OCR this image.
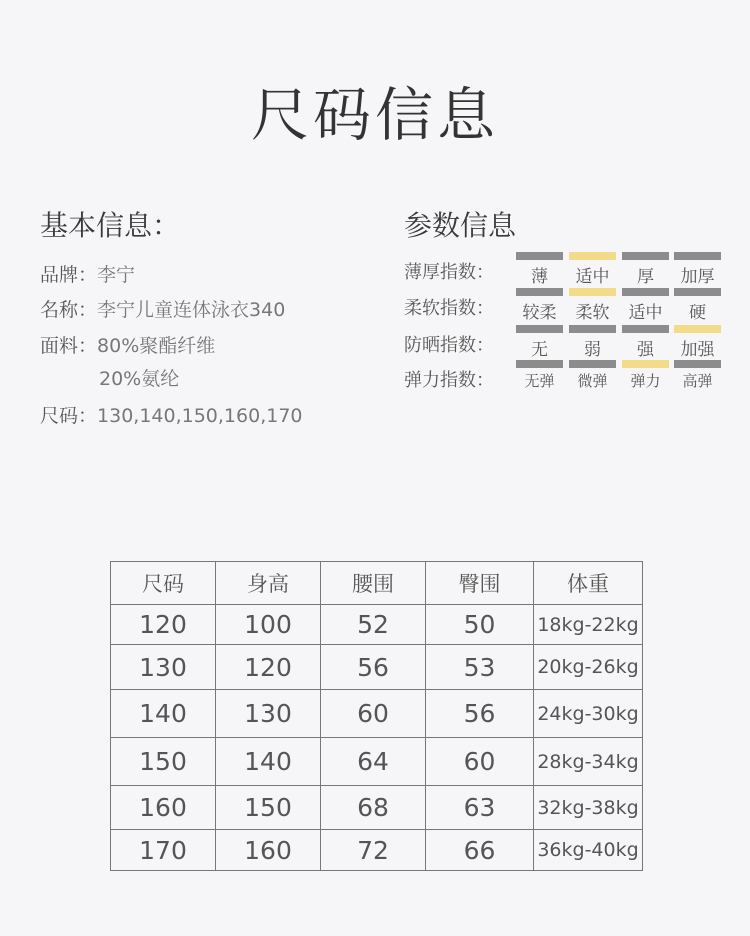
尺码信息
基本信息：	参数信息
品牌：李宁
名称：李宁儿童连体泳衣340
面料：80%聚酯纤维
20%氨纶
尺码：130,140,150,160,170
薄厚指数：	薄	适中	厚	加厚
柔软指数：	较柔	柔软	适中	硬
防晒指数：	无	弱	强	加强
弹力指数：	无弹	微弹	弹力	高弹
尺码	身高	腰围	臀围	体重
120	100	52	50	18kg-22kg
130	120	56	53	20kg-26kg
140	130	60	56	24kg-30kg
150	140	64	60	28kg-34kg
160	150	68	63	32kg-38kg
170	160	72	66	36kg-40kg
